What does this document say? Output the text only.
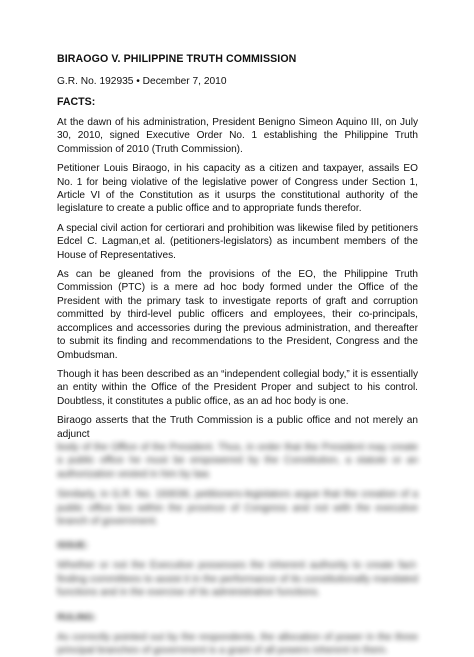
BIRAOGO V. PHILIPPINE TRUTH COMMISSION

G.R. No. 192935 • December 7, 2010

FACTS:

At the dawn of his administration, President Benigno Simeon Aquino III, on July 30, 2010, signed Executive Order No. 1 establishing the Philippine Truth Commission of 2010 (Truth Commission).

Petitioner Louis Biraogo, in his capacity as a citizen and taxpayer, assails EO No. 1 for being violative of the legislative power of Congress under Section 1, Article VI of the Constitution as it usurps the constitutional authority of the legislature to create a public office and to appropriate funds therefor.

A special civil action for certiorari and prohibition was likewise filed by petitioners Edcel C. Lagman,et al. (petitioners-legislators) as incumbent members of the House of Representatives.

As can be gleaned from the provisions of the EO, the Philippine Truth Commission (PTC) is a mere ad hoc body formed under the Office of the President with the primary task to investigate reports of graft and corruption committed by third-level public officers and employees, their co-principals, accomplices and accessories during the previous administration, and thereafter to submit its finding and recommendations to the President, Congress and the Ombudsman.

Though it has been described as an “independent collegial body,” it is essentially an entity within the Office of the President Proper and subject to his control. Doubtless, it constitutes a public office, as an ad hoc body is one.

Biraogo asserts that the Truth Commission is a public office and not merely an adjunct

body of the Office of the President. Thus, in order that the President may create a public office he must be empowered by the Constitution, a statute or an authorization vested in him by law.

Similarly, in G.R. No. 193036, petitioners-legislators argue that the creation of a public office lies within the province of Congress and not with the executive branch of government.

ISSUE:

Whether or not the Executive possesses the inherent authority to create fact-finding committees to assist it in the performance of its constitutionally mandated functions and in the exercise of its administrative functions.

RULING:

As correctly pointed out by the respondents, the allocation of power in the three principal branches of government is a grant of all powers inherent in them.
